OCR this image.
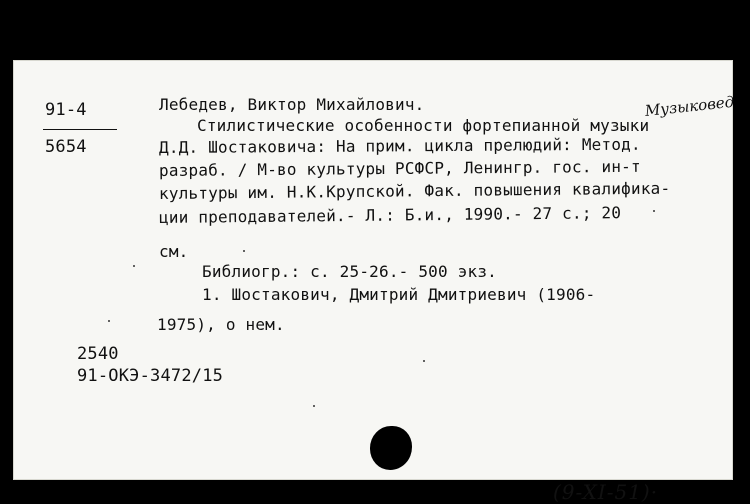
91-4
5654
Лебедев, Виктор Михайлович.
Стилистические особенности фортепианной музыки
Д.Д. Шостаковича: На прим. цикла прелюдий: Метод.
разраб. / М-во культуры РСФСР, Ленингр. гос. ин-т
культуры им. Н.К.Крупской. Фак. повышения квалифика-
ции преподавателей.- Л.: Б.и., 1990.- 27 с.; 20
см.
Библиогр.: с. 25-26.- 500 экз.
1. Шостакович, Дмитрий Дмитриевич (1906-
1975), о нем.
2540
91-ОКЭ-3472/15
Музыковед
(9-XI-51)·
